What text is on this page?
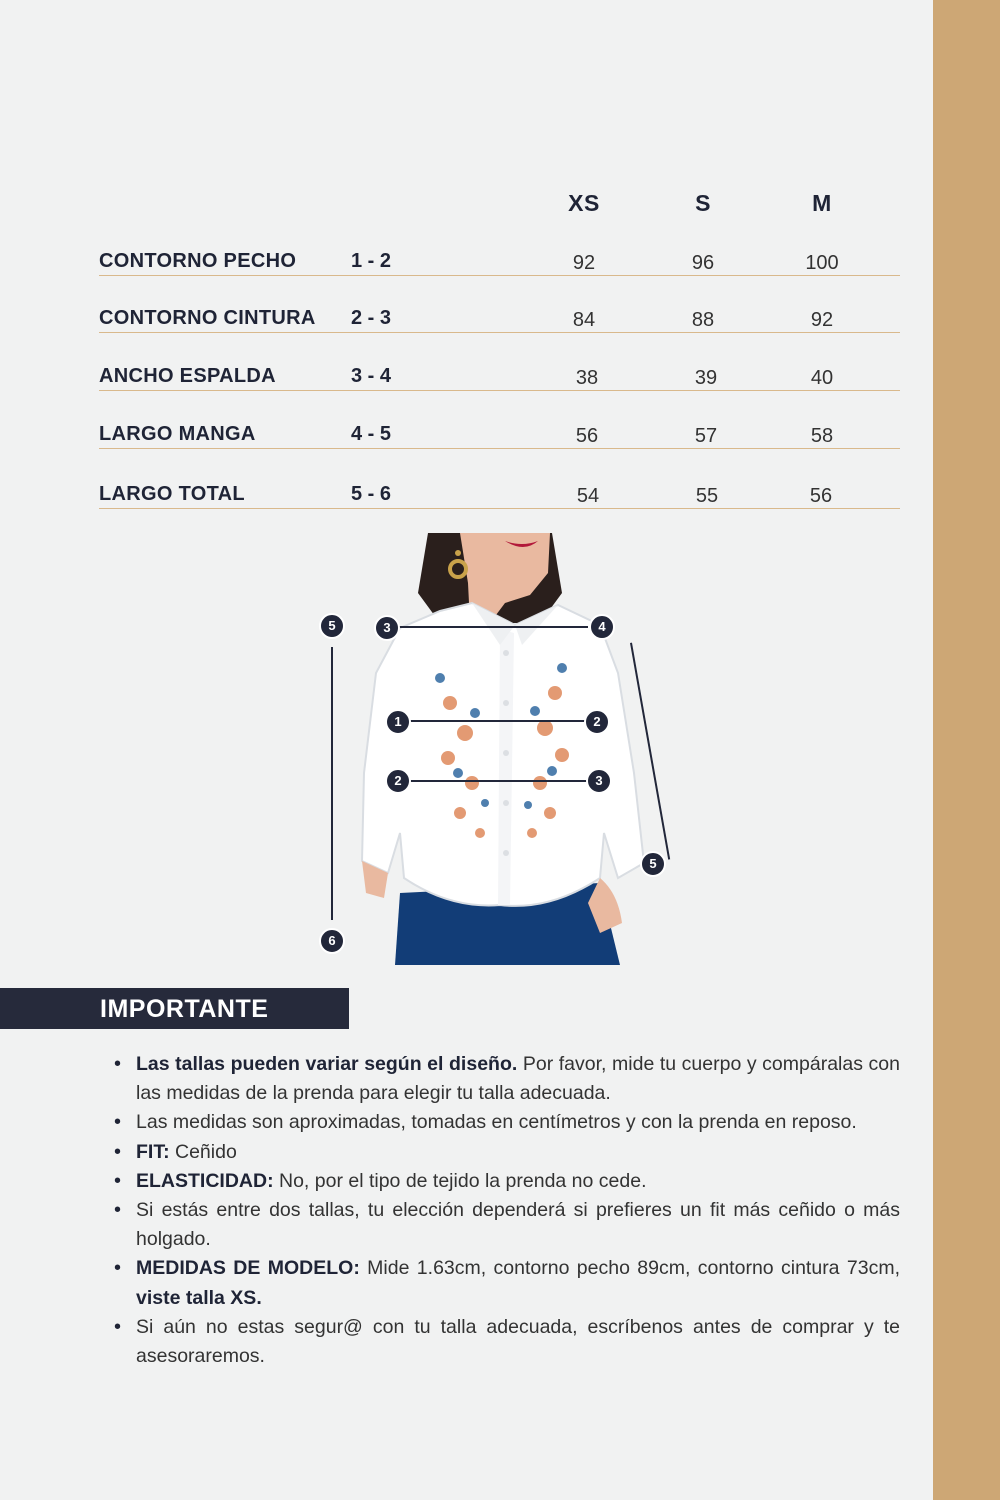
XS	S	M
CONTORNO PECHO	1 - 2	92	96	100
CONTORNO CINTURA 2 - 3	84	88	92
ANCHO ESPALDA	3 - 4	38	39	40
LARGO MANGA	4 - 5	56	57	58
LARGO TOTAL	5 - 6	54	55	56
5
6
3	4
1	2
2	3
5
IMPORTANTE
• Las tallas pueden variar según el diseño. Por favor, mide tu cuerpo y compáralas con las medidas de la prenda para elegir tu talla adecuada.
• Las medidas son aproximadas, tomadas en centímetros y con la prenda en reposo.
• FIT: Ceñido
• ELASTICIDAD: No, por el tipo de tejido la prenda no cede.
• Si estás entre dos tallas, tu elección dependerá si prefieres un fit más ceñido o más holgado.
• MEDIDAS DE MODELO: Mide 1.63cm, contorno pecho 89cm, contorno cintura 73cm, viste talla XS.
• Si aún no estas segur@ con tu talla adecuada, escríbenos antes de comprar y te asesoraremos.
